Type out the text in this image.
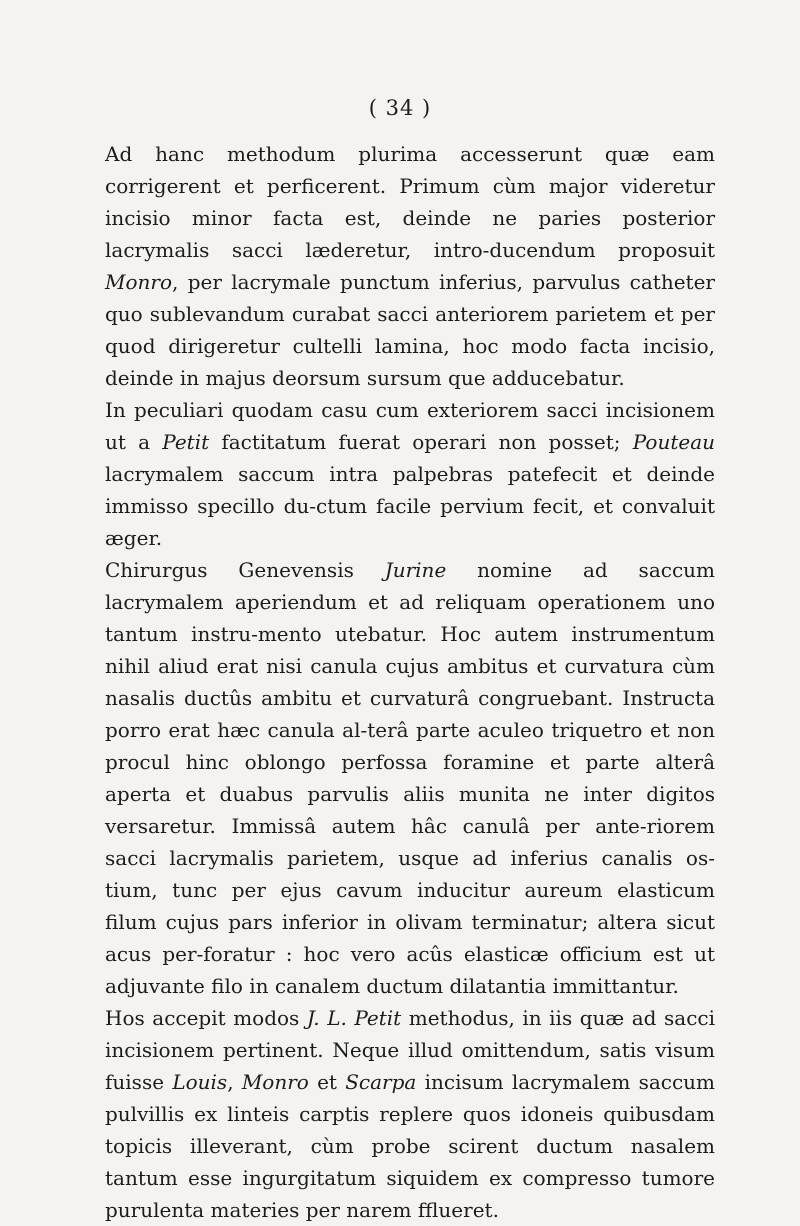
( 34 )

Ad hanc methodum plurima accesserunt quæ eam corrigerent et perficerent. Primum cùm major videretur incisio minor facta est, deinde ne paries posterior lacrymalis sacci læderetur, intro-ducendum proposuit Monro, per lacrymale punctum inferius, parvulus catheter quo sublevandum curabat sacci anteriorem parietem et per quod dirigeretur cultelli lamina, hoc modo facta incisio, deinde in majus deorsum sursum que adducebatur.

In peculiari quodam casu cum exteriorem sacci incisionem ut a Petit factitatum fuerat operari non posset; Pouteau lacrymalem saccum intra palpebras patefecit et deinde immisso specillo du-ctum facile pervium fecit, et convaluit æger.

Chirurgus Genevensis Jurine nomine ad saccum lacrymalem aperiendum et ad reliquam operationem uno tantum instru-mento utebatur. Hoc autem instrumentum nihil aliud erat nisi canula cujus ambitus et curvatura cùm nasalis ductûs ambitu et curvaturâ congruebant. Instructa porro erat hæc canula al-terâ parte aculeo triquetro et non procul hinc oblongo perfossa foramine et parte alterâ aperta et duabus parvulis aliis munita ne inter digitos versaretur. Immissâ autem hâc canulâ per ante-riorem sacci lacrymalis parietem, usque ad inferius canalis os-tium, tunc per ejus cavum inducitur aureum elasticum filum cujus pars inferior in olivam terminatur; altera sicut acus per-foratur : hoc vero acûs elasticæ officium est ut adjuvante filo in canalem ductum dilatantia immittantur.

Hos accepit modos J. L. Petit methodus, in iis quæ ad sacci incisionem pertinent. Neque illud omittendum, satis visum fuisse Louis, Monro et Scarpa incisum lacrymalem saccum pulvillis ex linteis carptis replere quos idoneis quibusdam topicis illeverant, cùm probe scirent ductum nasalem tantum esse ingurgitatum siquidem ex compresso tumore purulenta materies per narem fflueret.
